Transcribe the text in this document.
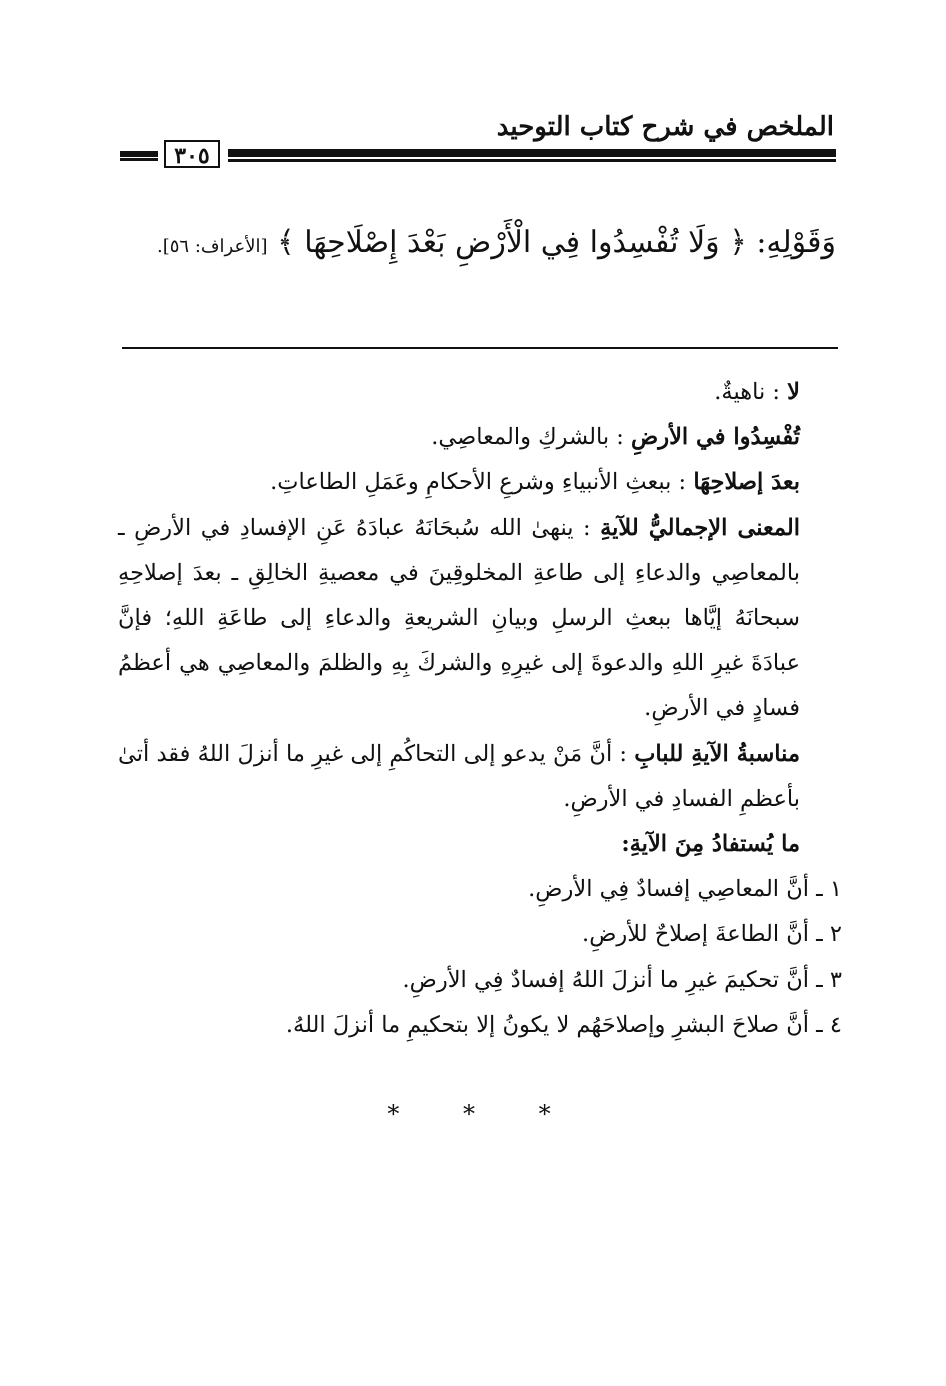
الملخص في شرح كتاب التوحيد
٣٠٥
وَقَوْلِهِ: ﴿ وَلَا تُفْسِدُوا فِي الْأَرْضِ بَعْدَ إِصْلَاحِهَا ﴾ [الأعراف: ٥٦].

لا : ناهيةٌ.

تُفْسِدُوا في الأرضِ : بالشركِ والمعاصِي.

بعدَ إصلاحِهَا : ببعثِ الأنبياءِ وشرعِ الأحكامِ وعَمَلِ الطاعاتِ.

المعنى الإجماليُّ للآيةِ : ينهىٰ الله سُبحَانَهُ عبادَهُ عَنِ الإفسادِ في الأرضِ ـ بالمعاصِي والدعاءِ إلى طاعةِ المخلوقِينَ في معصيةِ الخالِقِ ـ بعدَ إصلاحِهِ سبحانَهُ إيَّاها ببعثِ الرسلِ وبيانِ الشريعةِ والدعاءِ إلى طاعَةِ اللهِ؛ فإنَّ عبادَةَ غيرِ اللهِ والدعوةَ إلى غيرِهِ والشركَ بِهِ والظلمَ والمعاصِي هي أعظمُ فسادٍ في الأرضِ.

مناسبةُ الآيةِ للبابِ : أنَّ مَنْ يدعو إلى التحاكُمِ إلى غيرِ ما أنزلَ اللهُ فقد أتىٰ بأعظمِ الفسادِ في الأرضِ.

ما يُستفادُ مِنَ الآيةِ:

١ ـ أنَّ المعاصِي إفسادٌ فِي الأرضِ.

٢ ـ أنَّ الطاعةَ إصلاحٌ للأرضِ.

٣ ـ أنَّ تحكيمَ غيرِ ما أنزلَ اللهُ إفسادٌ فِي الأرضِ.

٤ ـ أنَّ صلاحَ البشرِ وإصلاحَهُم لا يكونُ إلا بتحكيمِ ما أنزلَ اللهُ.

* * *
